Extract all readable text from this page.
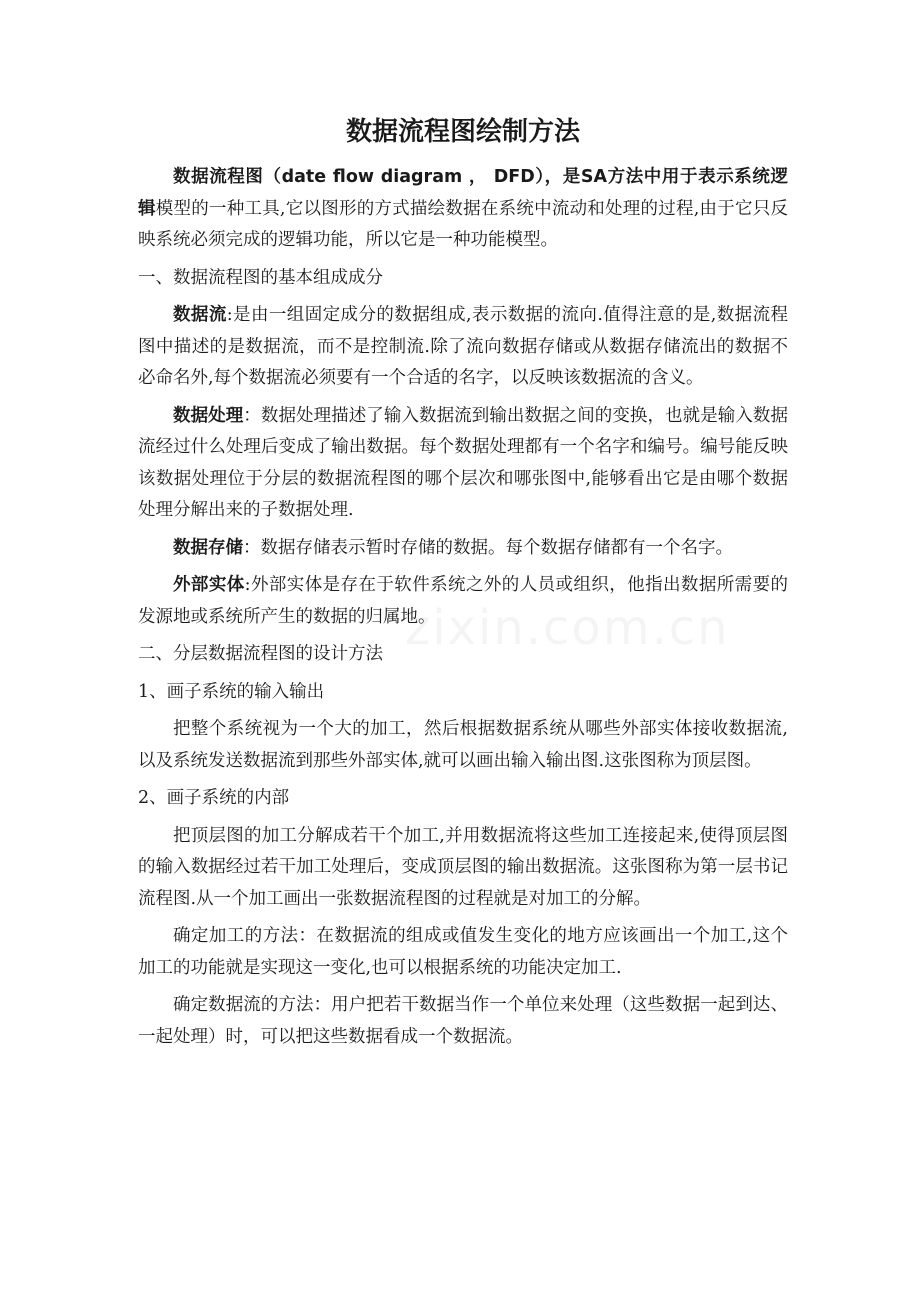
数据流程图绘制方法

数据流程图（date flow diagram ， DFD），是SA方法中用于表示系统逻辑模型的一种工具,它以图形的方式描绘数据在系统中流动和处理的过程,由于它只反映系统必须完成的逻辑功能，所以它是一种功能模型。

一、数据流程图的基本组成成分

数据流:是由一组固定成分的数据组成,表示数据的流向.值得注意的是,数据流程图中描述的是数据流，而不是控制流.除了流向数据存储或从数据存储流出的数据不必命名外,每个数据流必须要有一个合适的名字，以反映该数据流的含义。

数据处理：数据处理描述了输入数据流到输出数据之间的变换，也就是输入数据流经过什么处理后变成了输出数据。每个数据处理都有一个名字和编号。编号能反映该数据处理位于分层的数据流程图的哪个层次和哪张图中,能够看出它是由哪个数据处理分解出来的子数据处理.

数据存储：数据存储表示暂时存储的数据。每个数据存储都有一个名字。

外部实体:外部实体是存在于软件系统之外的人员或组织，他指出数据所需要的发源地或系统所产生的数据的归属地。

二、分层数据流程图的设计方法

1、画子系统的输入输出

把整个系统视为一个大的加工，然后根据数据系统从哪些外部实体接收数据流,以及系统发送数据流到那些外部实体,就可以画出输入输出图.这张图称为顶层图。

2、画子系统的内部

把顶层图的加工分解成若干个加工,并用数据流将这些加工连接起来,使得顶层图的输入数据经过若干加工处理后，变成顶层图的输出数据流。这张图称为第一层书记流程图.从一个加工画出一张数据流程图的过程就是对加工的分解。

确定加工的方法：在数据流的组成或值发生变化的地方应该画出一个加工,这个加工的功能就是实现这一变化,也可以根据系统的功能决定加工.

确定数据流的方法：用户把若干数据当作一个单位来处理（这些数据一起到达、一起处理）时，可以把这些数据看成一个数据流。
